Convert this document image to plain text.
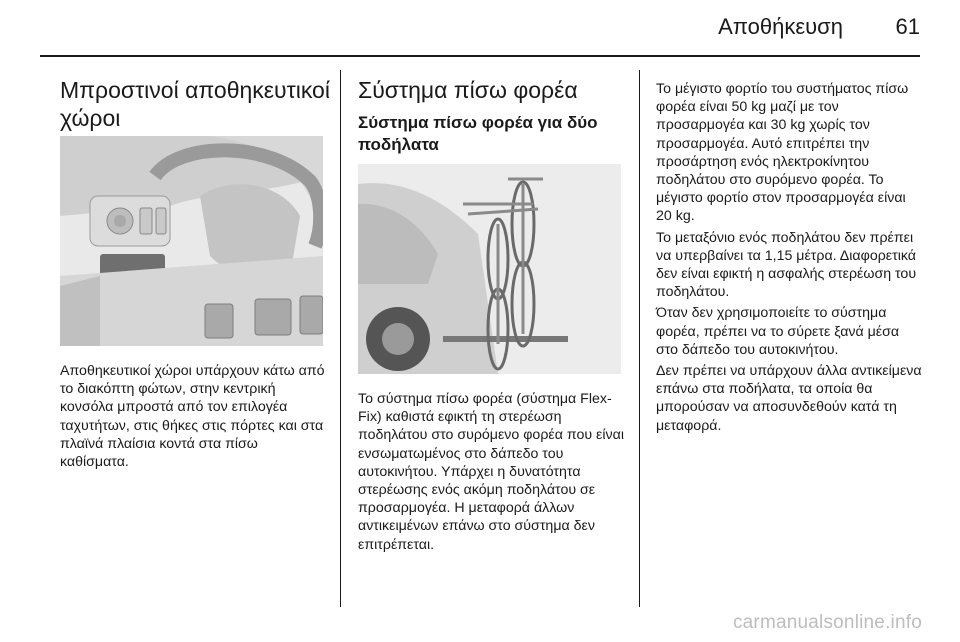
Αποθήκευση 61
Μπροστινοί αποθηκευτικοί χώροι

Αποθηκευτικοί χώροι υπάρχουν κάτω από το διακόπτη φώτων, στην κεντρική κονσόλα μπροστά από τον επιλογέα ταχυτήτων, στις θήκες στις πόρτες και στα πλαϊνά πλαίσια κοντά στα πίσω καθίσματα.

Σύστημα πίσω φορέα
Σύστημα πίσω φορέα για δύο ποδήλατα

Το σύστημα πίσω φορέα (σύστημα Flex-Fix) καθιστά εφικτή τη στερέωση ποδηλάτου στο συρόμενο φορέα που είναι ενσωματωμένος στο δάπεδο του αυτοκινήτου. Υπάρχει η δυνατότητα στερέωσης ενός ακόμη ποδηλάτου σε προσαρμογέα. Η μεταφορά άλλων αντικειμένων επάνω στο σύστημα δεν επιτρέπεται.

Το μέγιστο φορτίο του συστήματος πίσω φορέα είναι 50 kg μαζί με τον προσαρμογέα και 30 kg χωρίς τον προσαρμογέα. Αυτό επιτρέπει την προσάρτηση ενός ηλεκτροκίνητου ποδηλάτου στο συρόμενο φορέα. Το μέγιστο φορτίο στον προσαρμογέα είναι 20 kg.

Το μεταξόνιο ενός ποδηλάτου δεν πρέπει να υπερβαίνει τα 1,15 μέτρα. Διαφορετικά δεν είναι εφικτή η ασφαλής στερέωση του ποδηλάτου.

Όταν δεν χρησιμοποιείτε το σύστημα φορέα, πρέπει να το σύρετε ξανά μέσα στο δάπεδο του αυτοκινήτου.

Δεν πρέπει να υπάρχουν άλλα αντικείμενα επάνω στα ποδήλατα, τα οποία θα μπορούσαν να αποσυνδεθούν κατά τη μεταφορά.

carmanualsonline.info
